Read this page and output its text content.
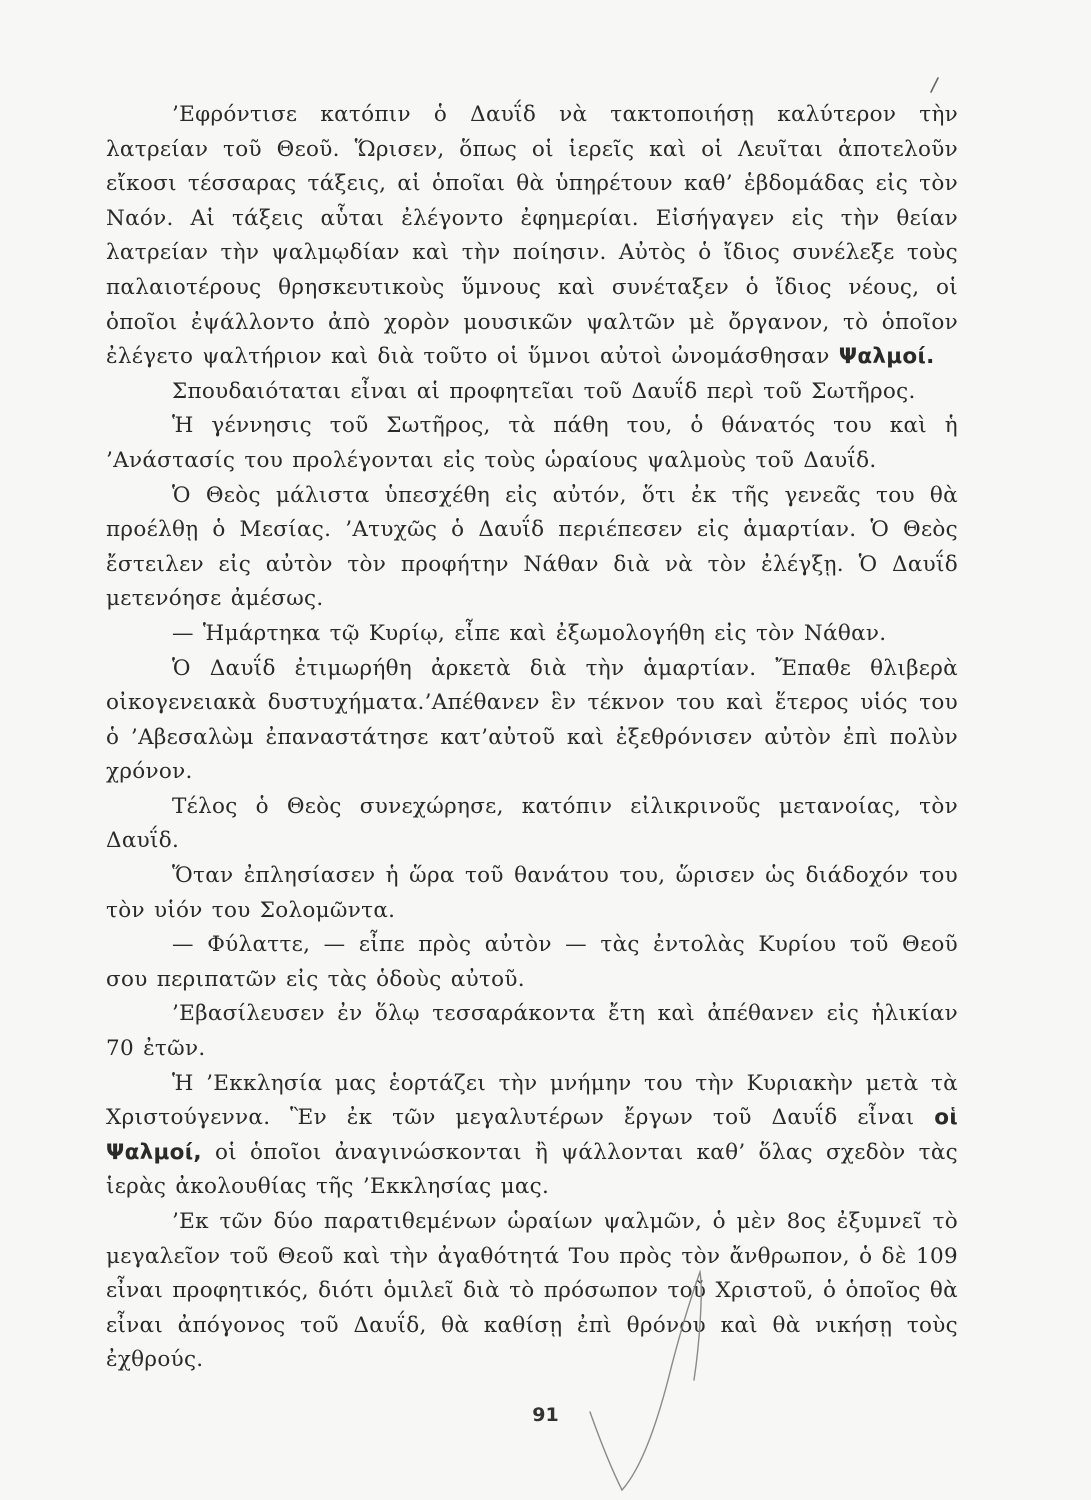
’Εφρόντισε κατόπιν ὁ Δαυΐδ νὰ τακτοποιήσῃ καλύτερον τὴν λατρείαν τοῦ Θεοῦ. Ὥρισεν, ὅπως οἱ ἱερεῖς καὶ οἱ Λευῖται ἀποτελοῦν εἴκοσι τέσσαρας τάξεις, αἱ ὁποῖαι θὰ ὑπηρέτουν καθ’ ἑβδομάδας εἰς τὸν Ναόν. Αἱ τάξεις αὗται ἐλέγοντο ἐφημερίαι. Εἰσήγαγεν εἰς τὴν θείαν λατρείαν τὴν ψαλμῳδίαν καὶ τὴν ποίησιν. Αὐτὸς ὁ ἴδιος συνέλεξε τοὺς παλαιοτέρους θρησκευτικοὺς ὕμνους καὶ συνέταξεν ὁ ἴδιος νέους, οἱ ὁποῖοι ἐψάλλοντο ἀπὸ χορὸν μουσικῶν ψαλτῶν μὲ ὄργανον, τὸ ὁποῖον ἐλέγετο ψαλτήριον καὶ διὰ τοῦτο οἱ ὕμνοι αὐτοὶ ὠνομάσθησαν Ψαλμοί.

Σπουδαιόταται εἶναι αἱ προφητεῖαι τοῦ Δαυΐδ περὶ τοῦ Σωτῆρος.

Ἡ γέννησις τοῦ Σωτῆρος, τὰ πάθη του, ὁ θάνατός του καὶ ἡ ’Ανάστασίς του προλέγονται εἰς τοὺς ὡραίους ψαλμοὺς τοῦ Δαυΐδ.

Ὁ Θεὸς μάλιστα ὑπεσχέθη εἰς αὐτόν, ὅτι ἐκ τῆς γενεᾶς του θὰ προέλθῃ ὁ Μεσίας. ’Ατυχῶς ὁ Δαυΐδ περιέπεσεν εἰς ἁμαρτίαν. Ὁ Θεὸς ἔστειλεν εἰς αὐτὸν τὸν προφήτην Νάθαν διὰ νὰ τὸν ἐλέγξῃ. Ὁ Δαυΐδ μετενόησε ἀμέσως.

— Ἡμάρτηκα τῷ Κυρίῳ, εἶπε καὶ ἐξωμολογήθη εἰς τὸν Νάθαν.

Ὁ Δαυΐδ ἐτιμωρήθη ἀρκετὰ διὰ τὴν ἁμαρτίαν. Ἔπαθε θλιβερὰ οἰκογενειακὰ δυστυχήματα.’Απέθανεν ἓν τέκνον του καὶ ἕτερος υἱός του ὁ ’Αβεσαλὼμ ἐπαναστάτησε κατ’αὐτοῦ καὶ ἐξεθρόνισεν αὐτὸν ἐπὶ πολὺν χρόνον.

Τέλος ὁ Θεὸς συνεχώρησε, κατόπιν εἰλικρινοῦς μετανοίας, τὸν Δαυΐδ.

Ὅταν ἐπλησίασεν ἡ ὥρα τοῦ θανάτου του, ὥρισεν ὡς διάδοχόν του τὸν υἱόν του Σολομῶντα.

— Φύλαττε, — εἶπε πρὸς αὐτὸν — τὰς ἐντολὰς Κυρίου τοῦ Θεοῦ σου περιπατῶν εἰς τὰς ὁδοὺς αὐτοῦ.

’Εβασίλευσεν ἐν ὅλῳ τεσσαράκοντα ἔτη καὶ ἀπέθανεν εἰς ἡλικίαν 70 ἐτῶν.

Ἡ ’Εκκλησία μας ἑορτάζει τὴν μνήμην του τὴν Κυριακὴν μετὰ τὰ Χριστούγεννα. Ἓν ἐκ τῶν μεγαλυτέρων ἔργων τοῦ Δαυΐδ εἶναι οἱ Ψαλμοί, οἱ ὁποῖοι ἀναγινώσκονται ἢ ψάλλονται καθ’ ὅλας σχεδὸν τὰς ἱερὰς ἀκολουθίας τῆς ’Εκκλησίας μας.

’Εκ τῶν δύο παρατιθεμένων ὡραίων ψαλμῶν, ὁ μὲν 8ος ἐξυμνεῖ τὸ μεγαλεῖον τοῦ Θεοῦ καὶ τὴν ἀγαθότητά Του πρὸς τὸν ἄνθρωπον, ὁ δὲ 109 εἶναι προφητικός, διότι ὁμιλεῖ διὰ τὸ πρόσωπον τοῦ Χριστοῦ, ὁ ὁποῖος θὰ εἶναι ἀπόγονος τοῦ Δαυΐδ, θὰ καθίσῃ ἐπὶ θρόνου καὶ θὰ νικήσῃ τοὺς ἐχθρούς.

91
